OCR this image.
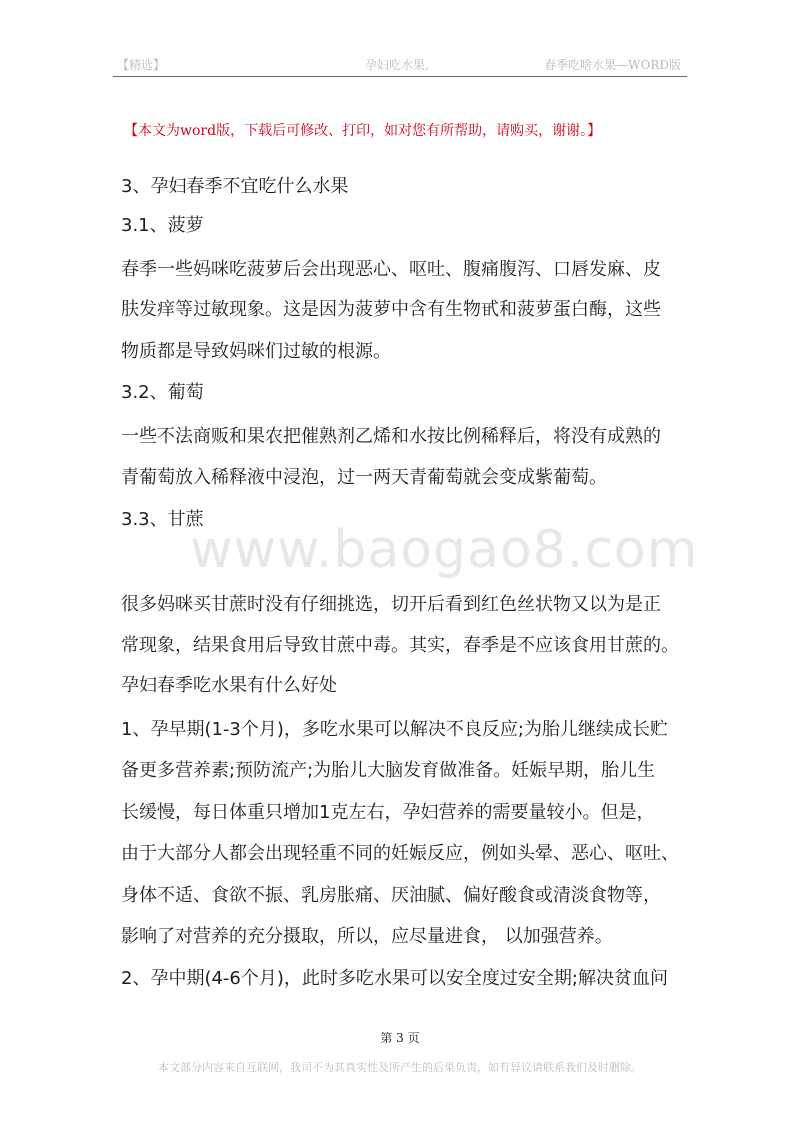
【精选】	孕妇吃水果,	春季吃啥水果—WORD版
【本文为word版，下载后可修改、打印，如对您有所帮助，请购买，谢谢。】
www.baogao8.com
3、孕妇春季不宜吃什么水果
3.1、菠萝
春季一些妈咪吃菠萝后会出现恶心、呕吐、腹痛腹泻、口唇发麻、皮
肤发痒等过敏现象。这是因为菠萝中含有生物甙和菠萝蛋白酶，这些
物质都是导致妈咪们过敏的根源。
3.2、葡萄
一些不法商贩和果农把催熟剂乙烯和水按比例稀释后，将没有成熟的
青葡萄放入稀释液中浸泡，过一两天青葡萄就会变成紫葡萄。
3.3、甘蔗
很多妈咪买甘蔗时没有仔细挑选，切开后看到红色丝状物又以为是正
常现象，结果食用后导致甘蔗中毒。其实，春季是不应该食用甘蔗的。
孕妇春季吃水果有什么好处
1、孕早期(1-3个月)，多吃水果可以解决不良反应;为胎儿继续成长贮
备更多营养素;预防流产;为胎儿大脑发育做准备。妊娠早期，胎儿生
长缓慢，每日体重只增加1克左右，孕妇营养的需要量较小。但是，
由于大部分人都会出现轻重不同的妊娠反应，例如头晕、恶心、呕吐、
身体不适、食欲不振、乳房胀痛、厌油腻、偏好酸食或清淡食物等，
影响了对营养的充分摄取，所以，应尽量进食， 以加强营养。
2、孕中期(4-6个月)，此时多吃水果可以安全度过安全期;解决贫血问
第 3 页
本文部分内容来自互联网，我司不为其真实性及所产生的后果负责，如有异议请联系我们及时删除。
